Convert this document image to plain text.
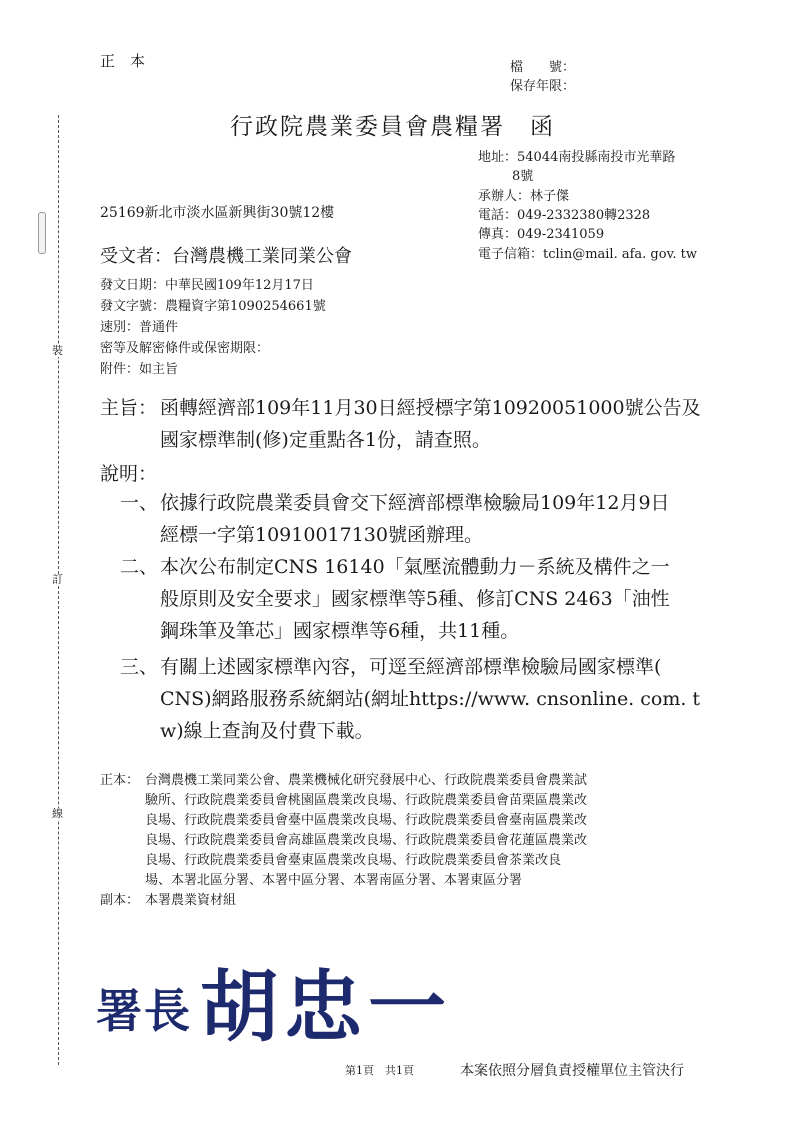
裝
訂
線
正　本	檔　　號：
保存年限：
行政院農業委員會農糧署　函
地址：54044南投縣南投市光華路
8號
承辦人：林子傑
電話：049-2332380轉2328
傳真：049-2341059
電子信箱：tclin@mail. afa. gov. tw
25169新北市淡水區新興街30號12樓
受文者：台灣農機工業同業公會
發文日期：中華民國109年12月17日
發文字號：農糧資字第1090254661號
速別：普通件
密等及解密條件或保密期限：
附件：如主旨
主旨： 函轉經濟部109年11月30日經授標字第10920051000號公告及
國家標準制(修)定重點各1份，請查照。
說明：
一、 依據行政院農業委員會交下經濟部標準檢驗局109年12月9日
經標一字第10910017130號函辦理。
二、 本次公布制定CNS 16140「氣壓流體動力－系統及構件之一
般原則及安全要求」國家標準等5種、修訂CNS 2463「油性
鋼珠筆及筆芯」國家標準等6種，共11種。
三、 有關上述國家標準內容，可逕至經濟部標準檢驗局國家標準(
CNS)網路服務系統網站(網址https://www. cnsonline. com. t
w)線上查詢及付費下載。
正本： 台灣農機工業同業公會、農業機械化研究發展中心、行政院農業委員會農業試
驗所、行政院農業委員會桃園區農業改良場、行政院農業委員會苗栗區農業改
良場、行政院農業委員會臺中區農業改良場、行政院農業委員會臺南區農業改
良場、行政院農業委員會高雄區農業改良場、行政院農業委員會花蓮區農業改
良場、行政院農業委員會臺東區農業改良場、行政院農業委員會茶業改良
場、本署北區分署、本署中區分署、本署南區分署、本署東區分署
副本： 本署農業資材組
署長 胡忠一
第1頁　共1頁	本案依照分層負責授權單位主管決行
